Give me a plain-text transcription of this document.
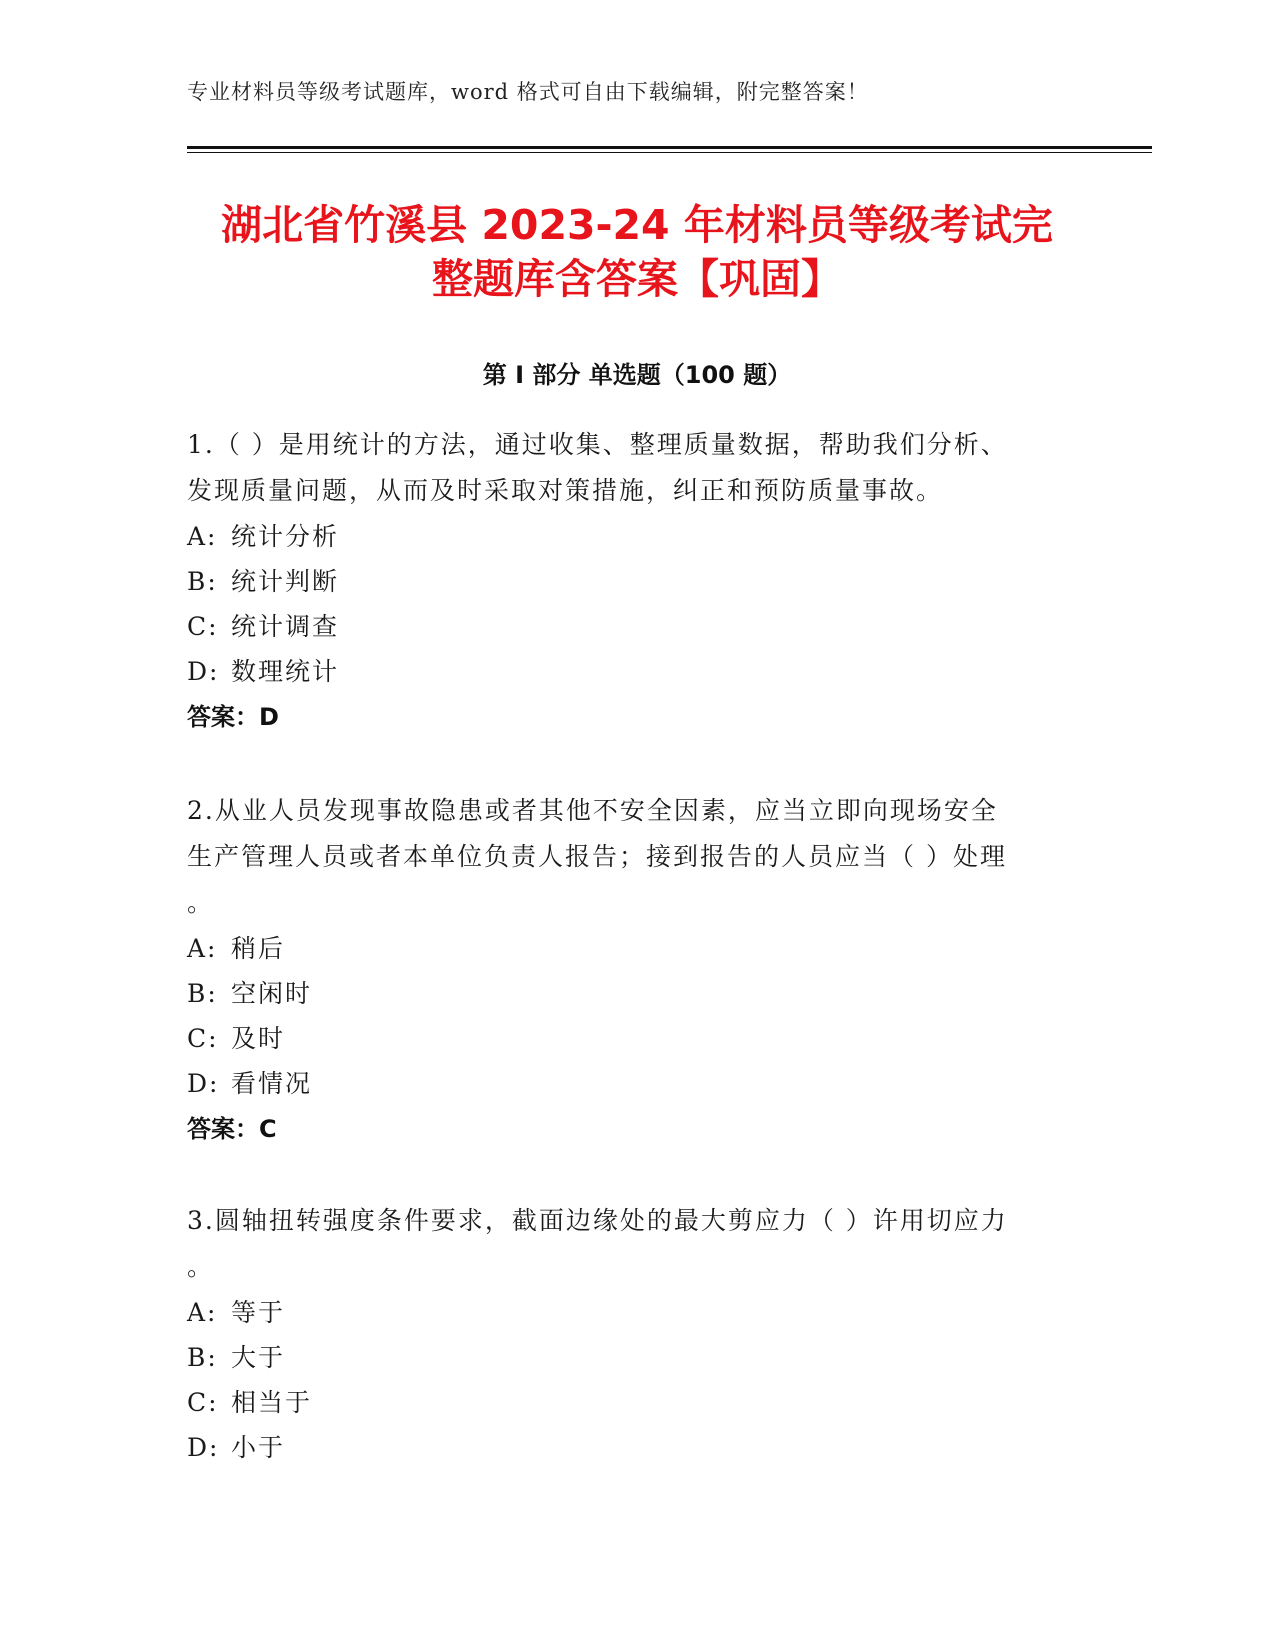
专业材料员等级考试题库，word 格式可自由下载编辑，附完整答案！
湖北省竹溪县 2023-24 年材料员等级考试完
整题库含答案【巩固】
第 I 部分 单选题（100 题）
1.（ ）是用统计的方法，通过收集、整理质量数据，帮助我们分析、
发现质量问题，从而及时采取对策措施，纠正和预防质量事故。
A: 统计分析
B: 统计判断
C: 统计调查
D: 数理统计
答案：D
2.从业人员发现事故隐患或者其他不安全因素，应当立即向现场安全
生产管理人员或者本单位负责人报告；接到报告的人员应当（ ）处理
。
A: 稍后
B: 空闲时
C: 及时
D: 看情况
答案：C
3.圆轴扭转强度条件要求，截面边缘处的最大剪应力（ ）许用切应力
。
A: 等于
B: 大于
C: 相当于
D: 小于
